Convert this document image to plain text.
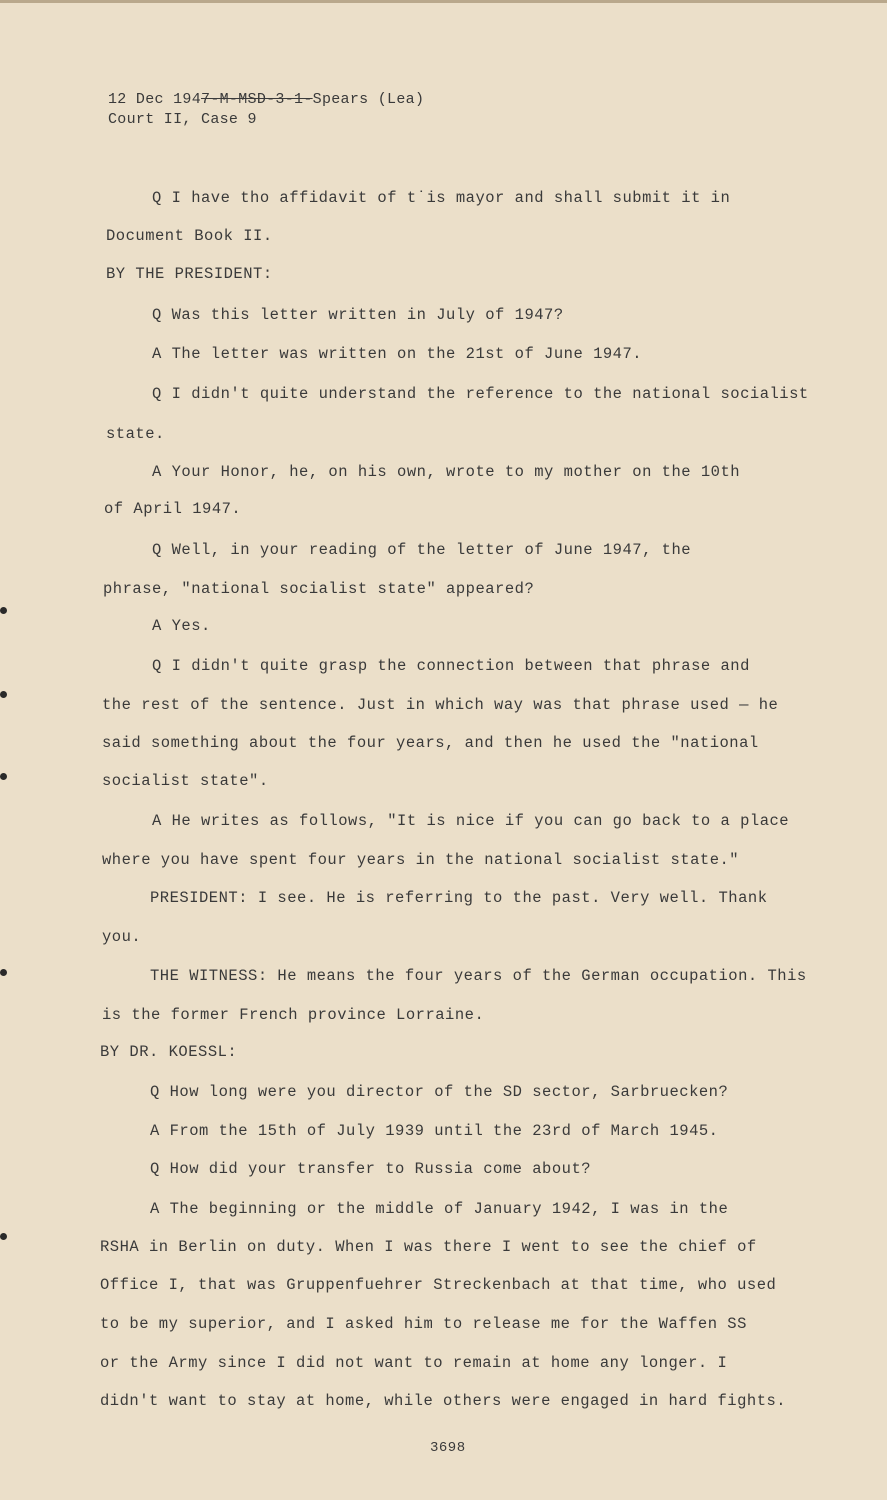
12 Dec 1947-M-MSD-3-1-Spears (Lea)
Court II, Case 9
Q I have tho affidavit of t˙is mayor and shall submit it in
Document Book II.
BY THE PRESIDENT:
Q Was this letter written in July of 1947?
A The letter was written on the 21st of June 1947.
Q I didn't quite understand the reference to the national socialist
state.
A Your Honor, he, on his own, wrote to my mother on the 10th
of April 1947.
Q Well, in your reading of the letter of June 1947, the
phrase, "national socialist state" appeared?
A Yes.
Q I didn't quite grasp the connection between that phrase and
the rest of the sentence. Just in which way was that phrase used — he
said something about the four years, and then he used the "national
socialist state".
A He writes as follows, "It is nice if you can go back to a place
where you have spent four years in the national socialist state."
PRESIDENT: I see. He is referring to the past. Very well. Thank
you.
THE WITNESS: He means the four years of the German occupation. This
is the former French province Lorraine.
BY DR. KOESSL:
Q How long were you director of the SD sector, Sarbruecken?
A From the 15th of July 1939 until the 23rd of March 1945.
Q How did your transfer to Russia come about?
A The beginning or the middle of January 1942, I was in the
RSHA in Berlin on duty. When I was there I went to see the chief of
Office I, that was Gruppenfuehrer Streckenbach at that time, who used
to be my superior, and I asked him to release me for the Waffen SS
or the Army since I did not want to remain at home any longer. I
didn't want to stay at home, while others were engaged in hard fights.
3698
